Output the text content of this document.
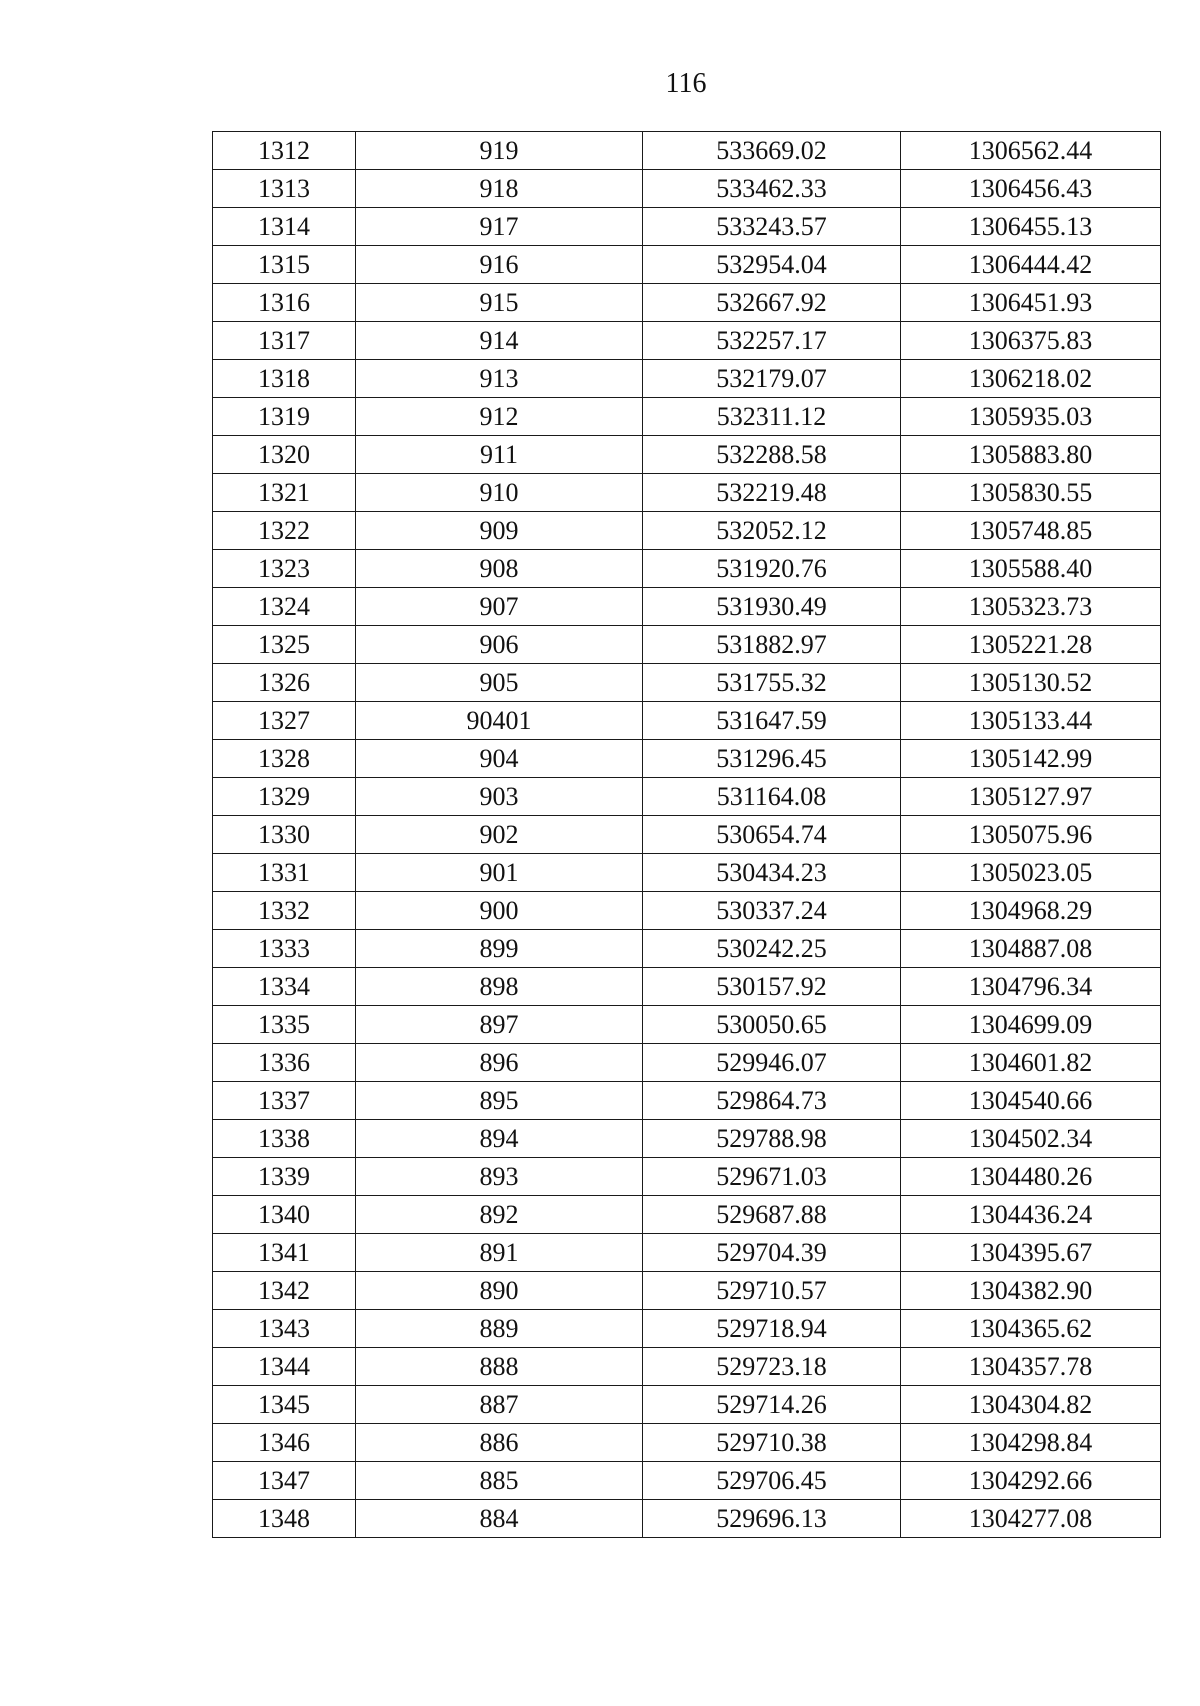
116
1312	919	533669.02	1306562.44
1313	918	533462.33	1306456.43
1314	917	533243.57	1306455.13
1315	916	532954.04	1306444.42
1316	915	532667.92	1306451.93
1317	914	532257.17	1306375.83
1318	913	532179.07	1306218.02
1319	912	532311.12	1305935.03
1320	911	532288.58	1305883.80
1321	910	532219.48	1305830.55
1322	909	532052.12	1305748.85
1323	908	531920.76	1305588.40
1324	907	531930.49	1305323.73
1325	906	531882.97	1305221.28
1326	905	531755.32	1305130.52
1327	90401	531647.59	1305133.44
1328	904	531296.45	1305142.99
1329	903	531164.08	1305127.97
1330	902	530654.74	1305075.96
1331	901	530434.23	1305023.05
1332	900	530337.24	1304968.29
1333	899	530242.25	1304887.08
1334	898	530157.92	1304796.34
1335	897	530050.65	1304699.09
1336	896	529946.07	1304601.82
1337	895	529864.73	1304540.66
1338	894	529788.98	1304502.34
1339	893	529671.03	1304480.26
1340	892	529687.88	1304436.24
1341	891	529704.39	1304395.67
1342	890	529710.57	1304382.90
1343	889	529718.94	1304365.62
1344	888	529723.18	1304357.78
1345	887	529714.26	1304304.82
1346	886	529710.38	1304298.84
1347	885	529706.45	1304292.66
1348	884	529696.13	1304277.08
